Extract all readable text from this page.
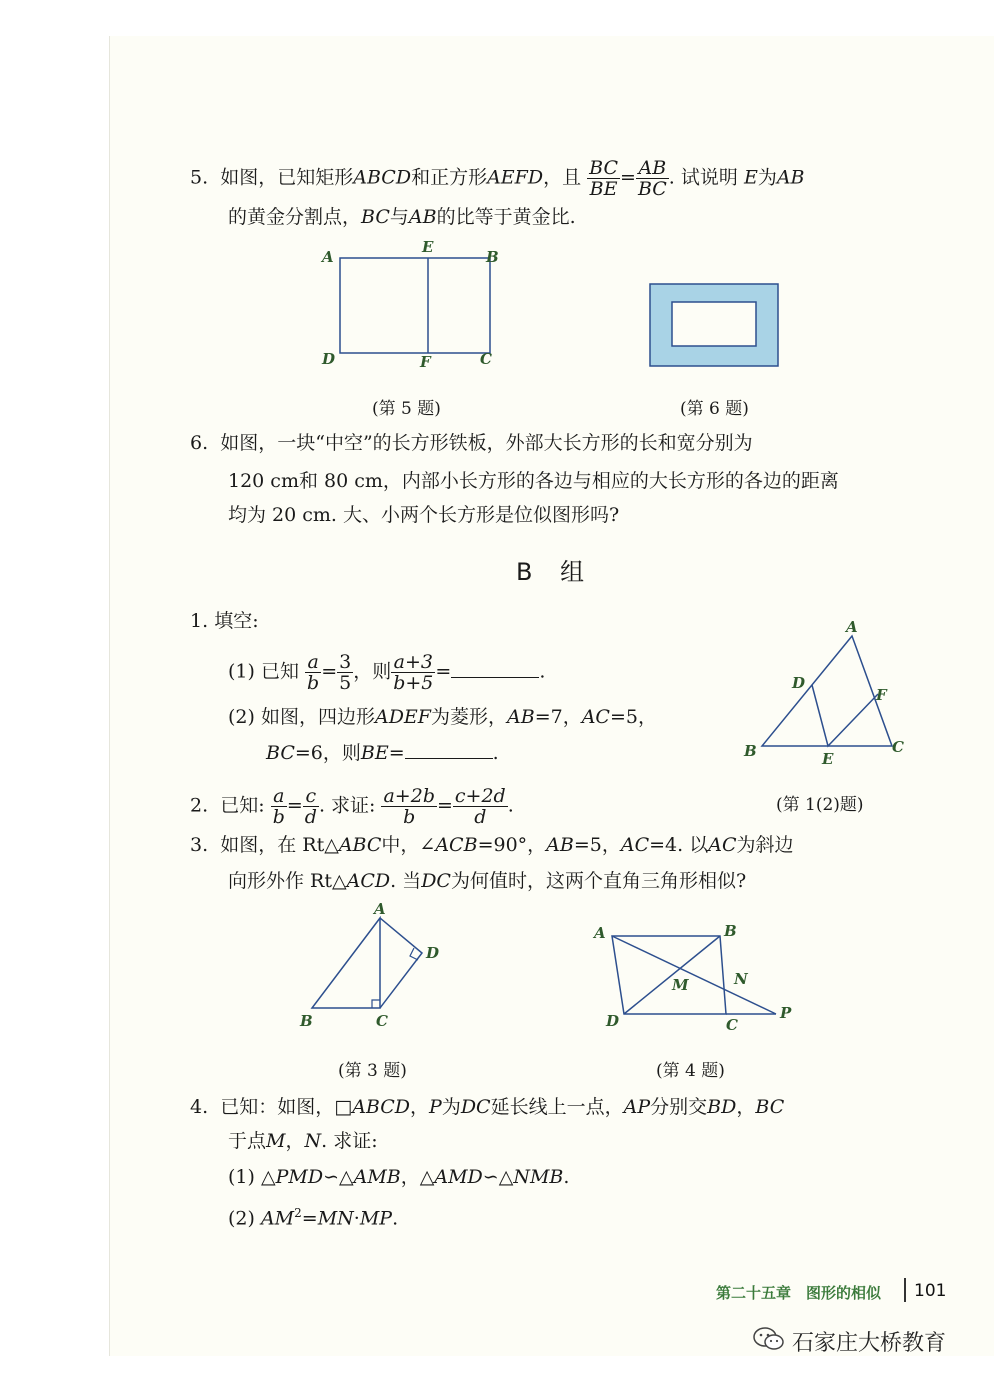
5. 如图，已知矩形ABCD和正方形AEFD，且 $\frac{BC}{BE} = \frac{AB}{BC}$ . 试说明 E为AB
的黄金分割点，BC与AB的比等于黄金比.
A
E
B
D	F	C
(第 5 题)	(第 6 题)
6. 如图，一块“中空”的长方形铁板，外部大长方形的长和宽分别为
120 cm和 80 cm，内部小长方形的各边与相应的大长方形的各边的距离
均为 20 cm. 大、小两个长方形是位似图形吗?
B 组
1. 填空:
(1) 已知 $\frac{a}{b} = \frac{3}{5}$ ，则 $\frac{a+3}{b+5}$ =	.
(2) 如图，四边形ADEF为菱形，AB=7，AC=5，
BC=6，则BE=	.
A
D
F
B	E
C
(第 1(2)题)
2. 已知: $\frac{a}{b} = \frac{c}{d}$ . 求证: $\frac{a+2b}{b} = \frac{c+2d}{d}$ .
3. 如图，在 Rt△ABC中，∠ACB=90°，AB=5，AC=4. 以AC为斜边
向形外作 Rt△ACD. 当DC为何值时，这两个直角三角形相似?
A
D
B	C
(第 3 题)
A	B
M	N
D	C
P
(第 4 题)
4. 已知：如图，□ABCD，P为DC延长线上一点，AP分别交BD，BC
于点M，N. 求证:
(1) △PMD∽△AMB，△AMD∽△NMB.
(2) $AM^2=MN\cdot MP$.
第二十五章　图形的相似 101
石家庄大桥教育
